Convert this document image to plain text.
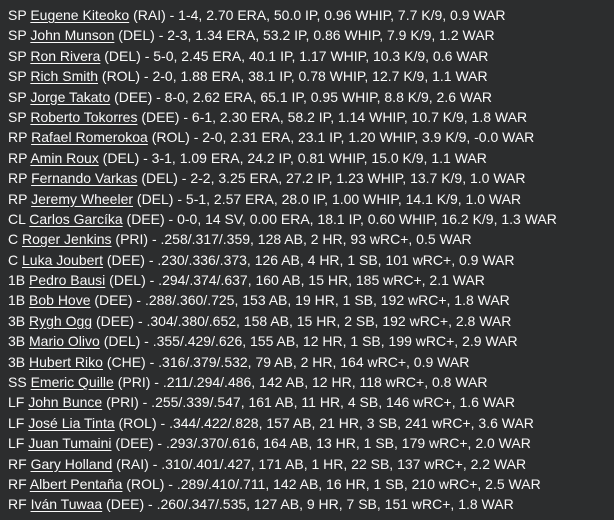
SP Eugene Kiteoko (RAI) - 1-4, 2.70 ERA, 50.0 IP, 0.96 WHIP, 7.7 K/9, 0.9 WAR
SP John Munson (DEL) - 2-3, 1.34 ERA, 53.2 IP, 0.86 WHIP, 7.9 K/9, 1.2 WAR
SP Ron Rivera (DEL) - 5-0, 2.45 ERA, 40.1 IP, 1.17 WHIP, 10.3 K/9, 0.6 WAR
SP Rich Smith (ROL) - 2-0, 1.88 ERA, 38.1 IP, 0.78 WHIP, 12.7 K/9, 1.1 WAR
SP Jorge Takato (DEE) - 8-0, 2.62 ERA, 65.1 IP, 0.95 WHIP, 8.8 K/9, 2.6 WAR
SP Roberto Tokorres (DEE) - 6-1, 2.30 ERA, 58.2 IP, 1.14 WHIP, 10.7 K/9, 1.8 WAR
RP Rafael Romerokoa (ROL) - 2-0, 2.31 ERA, 23.1 IP, 1.20 WHIP, 3.9 K/9, -0.0 WAR
RP Amin Roux (DEL) - 3-1, 1.09 ERA, 24.2 IP, 0.81 WHIP, 15.0 K/9, 1.1 WAR
RP Fernando Varkas (DEL) - 2-2, 3.25 ERA, 27.2 IP, 1.23 WHIP, 13.7 K/9, 1.0 WAR
RP Jeremy Wheeler (DEL) - 5-1, 2.57 ERA, 28.0 IP, 1.00 WHIP, 14.1 K/9, 1.0 WAR
CL Carlos Garcíka (DEE) - 0-0, 14 SV, 0.00 ERA, 18.1 IP, 0.60 WHIP, 16.2 K/9, 1.3 WAR
C Roger Jenkins (PRI) - .258/.317/.359, 128 AB, 2 HR, 93 wRC+, 0.5 WAR
C Luka Joubert (DEE) - .230/.336/.373, 126 AB, 4 HR, 1 SB, 101 wRC+, 0.9 WAR
1B Pedro Bausi (DEL) - .294/.374/.637, 160 AB, 15 HR, 185 wRC+, 2.1 WAR
1B Bob Hove (DEE) - .288/.360/.725, 153 AB, 19 HR, 1 SB, 192 wRC+, 1.8 WAR
3B Rygh Ogg (DEE) - .304/.380/.652, 158 AB, 15 HR, 2 SB, 192 wRC+, 2.8 WAR
3B Mario Olivo (DEL) - .355/.429/.626, 155 AB, 12 HR, 1 SB, 199 wRC+, 2.9 WAR
3B Hubert Riko (CHE) - .316/.379/.532, 79 AB, 2 HR, 164 wRC+, 0.9 WAR
SS Emeric Quille (PRI) - .211/.294/.486, 142 AB, 12 HR, 118 wRC+, 0.8 WAR
LF John Bunce (PRI) - .255/.339/.547, 161 AB, 11 HR, 4 SB, 146 wRC+, 1.6 WAR
LF José Lia Tinta (ROL) - .344/.422/.828, 157 AB, 21 HR, 3 SB, 241 wRC+, 3.6 WAR
LF Juan Tumaini (DEE) - .293/.370/.616, 164 AB, 13 HR, 1 SB, 179 wRC+, 2.0 WAR
RF Gary Holland (RAI) - .310/.401/.427, 171 AB, 1 HR, 22 SB, 137 wRC+, 2.2 WAR
RF Albert Pentaña (ROL) - .289/.410/.711, 142 AB, 16 HR, 1 SB, 210 wRC+, 2.5 WAR
RF Iván Tuwaa (DEE) - .260/.347/.535, 127 AB, 9 HR, 7 SB, 151 wRC+, 1.8 WAR
